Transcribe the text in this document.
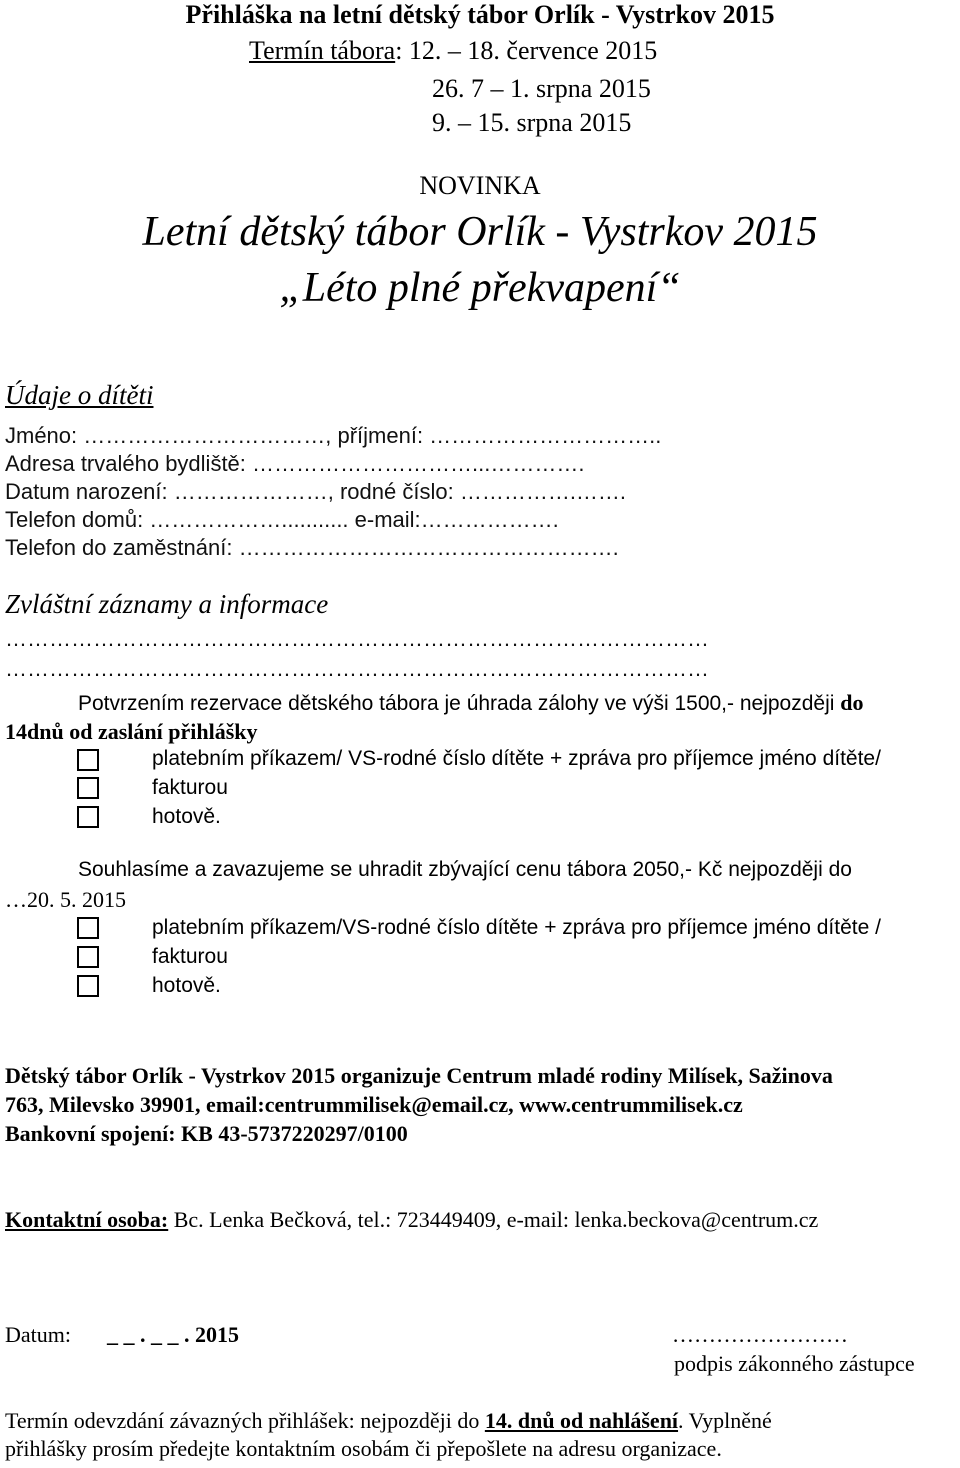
Přihláška na letní dětský tábor Orlík - Vystrkov 2015
Termín tábora: 12. – 18. července 2015
26. 7 – 1. srpna 2015
9. – 15. srpna 2015
NOVINKA
Letní dětský tábor Orlík - Vystrkov 2015
„Léto plné překvapení“
Údaje o dítěti
Jméno: ……………………………, příjmení: …………………………..
Adresa trvalého bydliště: …………………………...………….
Datum narození: …………………, rodné číslo: …………….…….
Telefon domů: ………………........... e-mail:……………….
Telefon do zaměstnání: …………………………………………….
Zvláštní záznamy a informace
……………………………………………………………………………………
……………………………………………………………………………………
Potvrzením rezervace dětského tábora je úhrada zálohy ve výši 1500,- nejpozději do
14dnů od zaslání přihlášky
platebním příkazem/ VS-rodné číslo dítěte + zpráva pro příjemce jméno dítěte/
fakturou
hotově.
Souhlasíme a zavazujeme se uhradit zbývající cenu tábora 2050,- Kč nejpozději do
…20. 5. 2015
platebním příkazem/VS-rodné číslo dítěte + zpráva pro příjemce jméno dítěte /
fakturou
hotově.
Dětský tábor Orlík - Vystrkov 2015 organizuje Centrum mladé rodiny Milísek, Sažinova
763, Milevsko 39901, email:centrummilisek@email.cz, www.centrummilisek.cz
Bankovní spojení: KB 43-5737220297/0100
Kontaktní osoba: Bc. Lenka Bečková, tel.: 723449409, e-mail: lenka.beckova@centrum.cz
Datum: _ _ . _ _ . 2015	……………………
podpis zákonného zástupce
Termín odevzdání závazných přihlášek: nejpozději do 14. dnů od nahlášení. Vyplněné
přihlášky prosím předejte kontaktním osobám či přepošlete na adresu organizace.
